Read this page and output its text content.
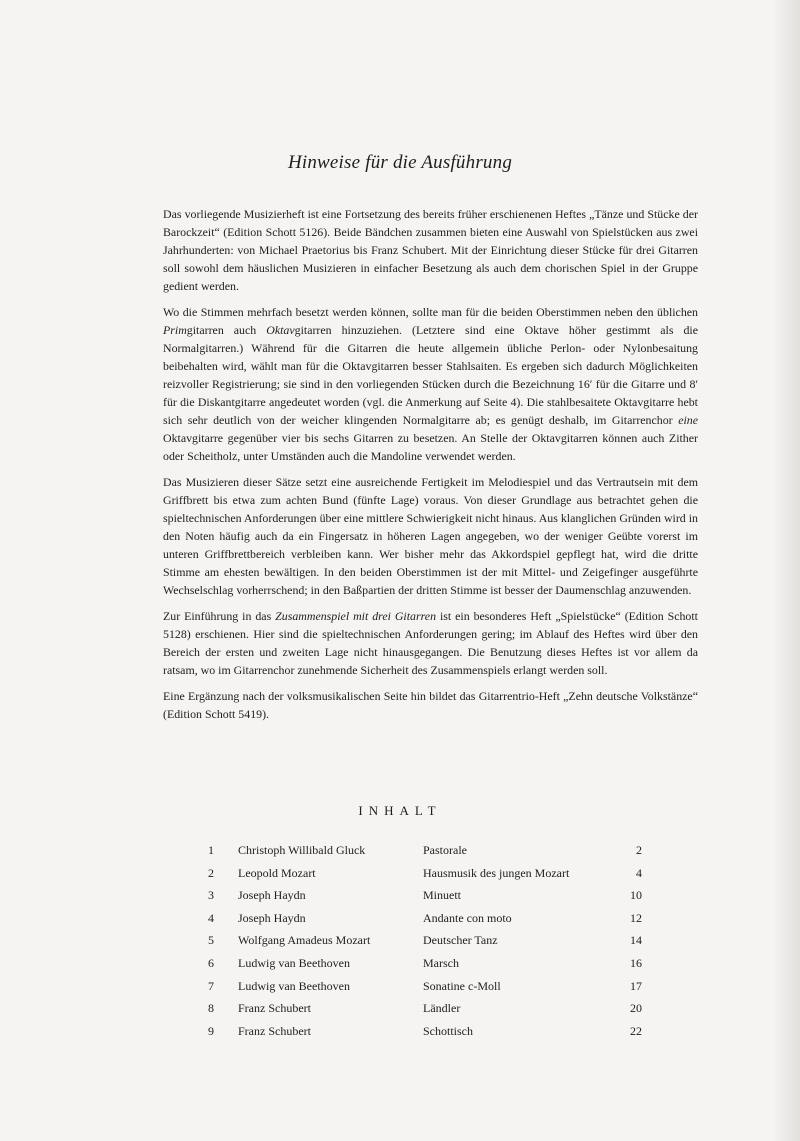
Hinweise für die Ausführung

Das vorliegende Musizierheft ist eine Fortsetzung des bereits früher erschienenen Heftes „Tänze und Stücke der Barockzeit“ (Edition Schott 5126). Beide Bändchen zusammen bieten eine Auswahl von Spielstücken aus zwei Jahrhunderten: von Michael Praetorius bis Franz Schubert. Mit der Einrichtung dieser Stücke für drei Gitarren soll sowohl dem häuslichen Musizieren in einfacher Besetzung als auch dem chorischen Spiel in der Gruppe gedient werden.

Wo die Stimmen mehrfach besetzt werden können, sollte man für die beiden Oberstimmen neben den üblichen Primgitarren auch Oktavgitarren hinzuziehen. (Letztere sind eine Oktave höher gestimmt als die Normalgitarren.) Während für die Gitarren die heute allgemein übliche Perlon- oder Nylonbesaitung beibehalten wird, wählt man für die Oktavgitarren besser Stahlsaiten. Es ergeben sich dadurch Möglichkeiten reizvoller Registrierung; sie sind in den vorliegenden Stücken durch die Bezeichnung 16′ für die Gitarre und 8′ für die Diskantgitarre angedeutet worden (vgl. die Anmerkung auf Seite 4). Die stahlbesaitete Oktavgitarre hebt sich sehr deutlich von der weicher klingenden Normalgitarre ab; es genügt deshalb, im Gitarrenchor eine Oktavgitarre gegenüber vier bis sechs Gitarren zu besetzen. An Stelle der Oktavgitarren können auch Zither oder Scheitholz, unter Umständen auch die Mandoline verwendet werden.

Das Musizieren dieser Sätze setzt eine ausreichende Fertigkeit im Melodiespiel und das Vertrautsein mit dem Griffbrett bis etwa zum achten Bund (fünfte Lage) voraus. Von dieser Grundlage aus betrachtet gehen die spieltechnischen Anforderungen über eine mittlere Schwierigkeit nicht hinaus. Aus klanglichen Gründen wird in den Noten häufig auch da ein Fingersatz in höheren Lagen angegeben, wo der weniger Geübte vorerst im unteren Griffbrettbereich verbleiben kann. Wer bisher mehr das Akkordspiel gepflegt hat, wird die dritte Stimme am ehesten bewältigen. In den beiden Oberstimmen ist der mit Mittel- und Zeigefinger ausgeführte Wechselschlag vorherrschend; in den Baßpartien der dritten Stimme ist besser der Daumenschlag anzuwenden.

Zur Einführung in das Zusammenspiel mit drei Gitarren ist ein besonderes Heft „Spielstücke“ (Edition Schott 5128) erschienen. Hier sind die spieltechnischen Anforderungen gering; im Ablauf des Heftes wird über den Bereich der ersten und zweiten Lage nicht hinausgegangen. Die Benutzung dieses Heftes ist vor allem da ratsam, wo im Gitarrenchor zunehmende Sicherheit des Zusammenspiels erlangt werden soll.

Eine Ergänzung nach der volksmusikalischen Seite hin bildet das Gitarrentrio-Heft „Zehn deutsche Volkstänze“ (Edition Schott 5419).

INHALT
1	Christoph Willibald Gluck	Pastorale	2
2	Leopold Mozart	Hausmusik des jungen Mozart	4
3	Joseph Haydn	Minuett	10
4	Joseph Haydn	Andante con moto	12
5	Wolfgang Amadeus Mozart	Deutscher Tanz	14
6	Ludwig van Beethoven	Marsch	16
7	Ludwig van Beethoven	Sonatine c-Moll	17
8	Franz Schubert	Ländler	20
9	Franz Schubert	Schottisch	22
